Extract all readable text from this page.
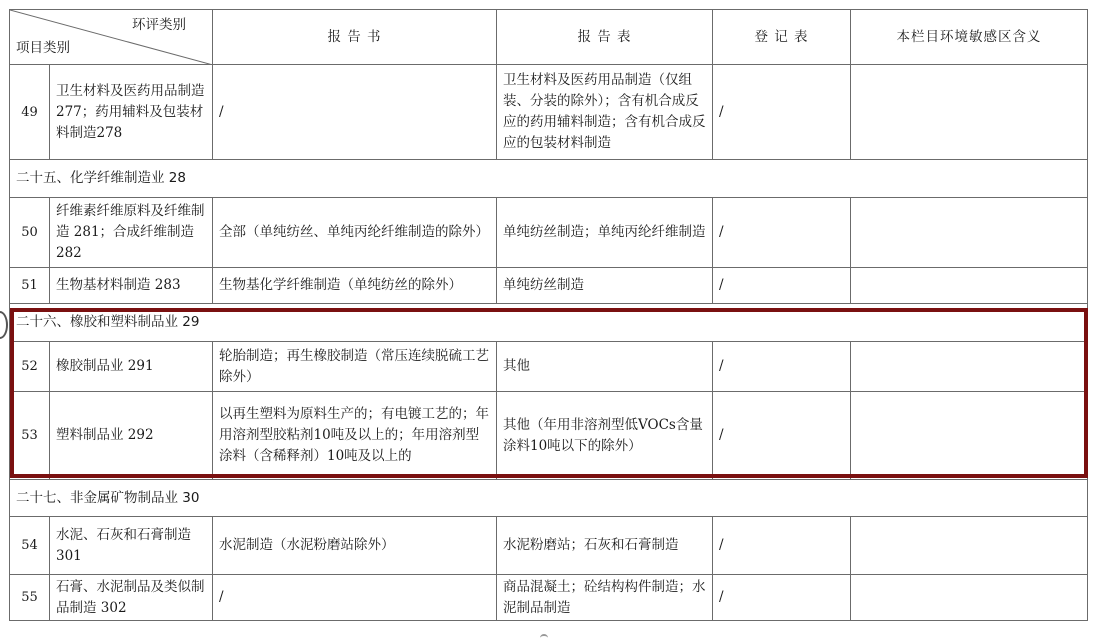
环评类别
项目类别		报 告 书	报 告 表	登 记 表	本栏目环境敏感区含义
49	卫生材料及医药用品制造 277；药用辅料及包装材料制造278	/	卫生材料及医药用品制造（仅组装、分装的除外）；含有机合成反应的药用辅料制造；含有机合成反应的包装材料制造	/	
二十五、化学纤维制造业 28					
50	纤维素纤维原料及纤维制造 281；合成纤维制造 282	全部（单纯纺丝、单纯丙纶纤维制造的除外）	单纯纺丝制造；单纯丙纶纤维制造	/	
51	生物基材料制造 283	生物基化学纤维制造（单纯纺丝的除外）	单纯纺丝制造	/	
二十六、橡胶和塑料制品业 29					
52	橡胶制品业 291	轮胎制造；再生橡胶制造（常压连续脱硫工艺除外）	其他	/	
53	塑料制品业 292	以再生塑料为原料生产的；有电镀工艺的；年用溶剂型胶粘剂10吨及以上的；年用溶剂型涂料（含稀释剂）10吨及以上的	其他（年用非溶剂型低VOCs含量涂料10吨以下的除外）	/	
二十七、非金属矿物制品业 30					
54	水泥、石灰和石膏制造 301	水泥制造（水泥粉磨站除外）	水泥粉磨站；石灰和石膏制造	/	
55	石膏、水泥制品及类似制品制造 302	/	商品混凝土；砼结构构件制造；水泥制品制造	/	
